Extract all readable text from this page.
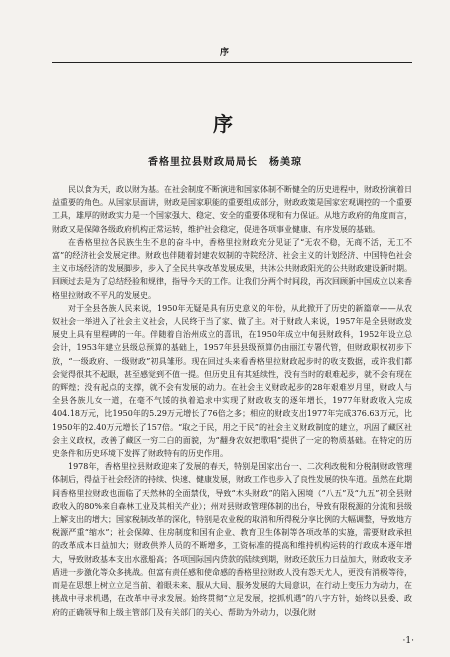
序
序
香格里拉县财政局局长　杨美琼

民以食为天，政以财为基。在社会制度不断演进和国家体制不断健全的历史进程中，财政扮演着日益重要的角色。从国家层面讲，财政是国家职能的重要组成部分，财政政策是国家宏观调控的一个重要工具，雄厚的财政实力是一个国家强大、稳定、安全的重要体现和有力保证。从地方政府的角度而言，财政又是保障各级政府机构正常运转，维护社会稳定，促进各项事业健康、有序发展的基础。

在香格里拉各民族生生不息的奋斗中，香格里拉财政充分见证了“无农不稳，无商不活，无工不富”的经济社会发展定律。财政也伴随着封建农奴制的寺院经济、社会主义的计划经济、中国特色社会主义市场经济的发展脚步，步入了全民共享改革发展成果，共沐公共财政阳光的公共财政建设新时期。回顾过去是为了总结经验和规律，指导今天的工作。让我们分两个时间段，再次回顾新中国成立以来香格里拉财政不平凡的发展史。

对于全县各族人民来说，1950年无疑是具有历史意义的年份，从此掀开了历史的新篇章——从农奴社会一举进入了社会主义社会，人民终于当了家、做了主。对于财政人来说，1957年是全县财政发展史上具有里程碑的一年。伴随着自治州成立的喜讯，在1950年成立中甸县财政科，1952年设立总会计，1953年建立县级总预算的基础上，1957年县县级预算仍由丽江专署代管，但财政职权初步下放，“一级政府、一级财政”初具雏形。现在回过头来看香格里拉财政起步时的收支数据，或许我们都会觉得很其不起眼，甚至感觉到不值一提。但历史且有其延续性，没有当时的艰难起步，就不会有现在的辉煌；没有起点的支撑，就不会有发展的动力。在社会主义财政起步的28年艰难岁月里，财政人与全县各族儿女一道，在毫不气馁的执着追求中实现了财政收支的逐年增长，1977年财政收入完成404.18万元，比1950年的5.29万元增长了76倍之多；相应的财政支出1977年完成376.63万元，比1950年的2.40万元增长了157倍。“取之于民，用之于民”的社会主义财政制度的建立，巩固了藏区社会主义政权，改善了藏区一穷二白的面貌，为“翻身农奴把歌唱”提供了一定的物质基础。在特定的历史条件和历史环境下发挥了财政特有的历史作用。

1978年，香格里拉县财政迎来了发展的春天，特别是国家出台一、二次利改税和分税制财政管理体制后，得益于社会经济的持续、快速、健康发展，财政工作也步入了良性发展的快车道。虽然在此期间香格里拉财政也面临了天然林的全面禁伐，导致“木头财政”的陷入困境（“八五”及“九五”初全县财政收入的80%来自森林工业及其相关产业）；州对县财政管理体制的出台，导致有限税源的分流和县级上解支出的增大；国家税制改革的深化，特别是农业税的取消和所得税分享比例的大幅调整，导致地方税源严重“缩水”；社会保障、住房制度和国有企业、教育卫生体制等各项改革的实施，需要财政承担的改革成本日益加大；财政供养人员的不断增多，工资标准的提高和维持机构运转的行政成本逐年增大，导致财政基本支出水涨船高；各项国际国内贷款的陆续到期，财政还款压力日益加大，财政收支矛盾进一步激化等众多挑战。但富有责任感和使命感的香格里拉财政人没有怨天尤人，更没有消极等待，而是在思想上树立立足当前、着眼未来、服从大局、服务发展的大局意识，在行动上变压力为动力，在挑战中寻求机遇，在改革中寻求发展。始终贯彻“立足发展，挖抓机遇”的八字方针，始终以县委、政府的正确领导和上级主管部门及有关部门的关心、帮助为外动力，以强化财

·1·
